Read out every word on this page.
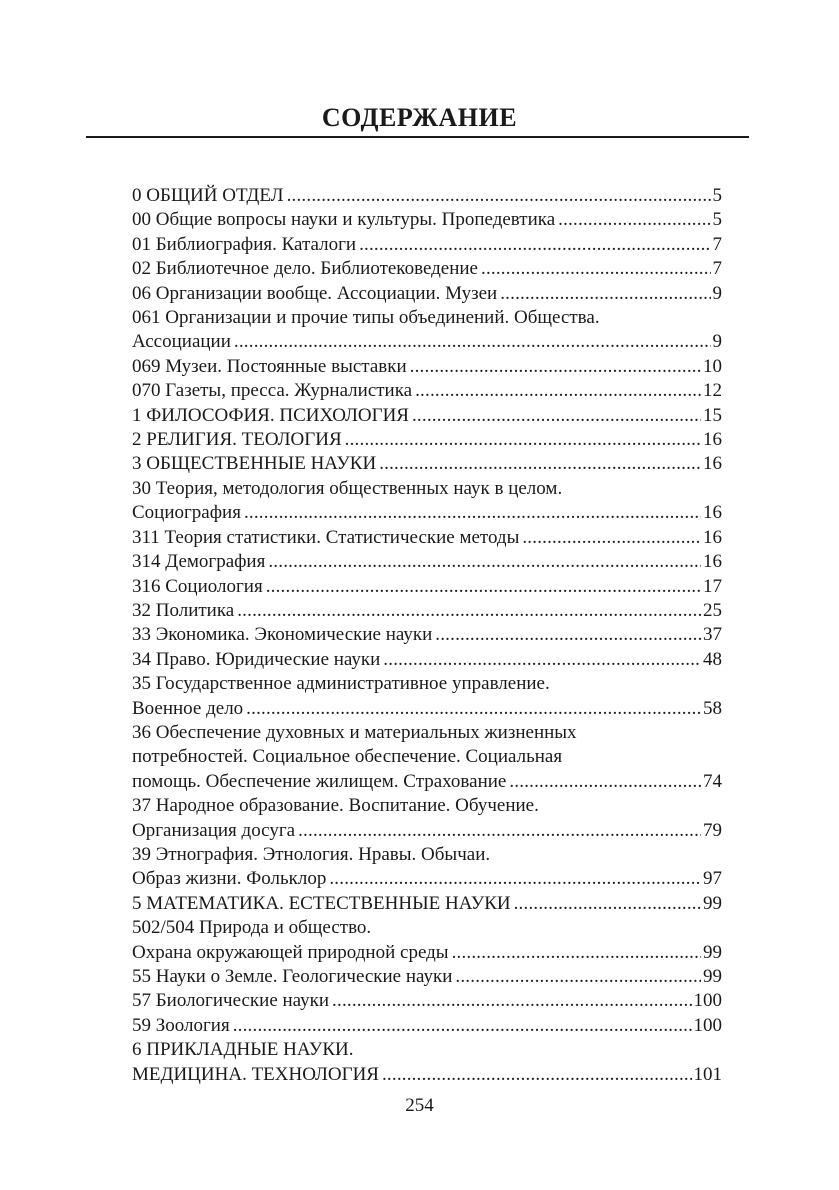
СОДЕРЖАНИЕ
0 ОБЩИЙ ОТДЕЛ .....	5
00 Общие вопросы науки и культуры. Пропедевтика .....	5
01 Библиография. Каталоги .....	7
02 Библиотечное дело. Библиотековедение .....	7
06 Организации вообще. Ассоциации. Музеи .....	9
061 Организации и прочие типы объединений. Общества.
Ассоциации .....	9
069 Музеи. Постоянные выставки .....	10
070 Газеты, пресса. Журналистика .....	12
1 ФИЛОСОФИЯ. ПСИХОЛОГИЯ .....	15
2 РЕЛИГИЯ. ТЕОЛОГИЯ .....	16
3 ОБЩЕСТВЕННЫЕ НАУКИ .....	16
30 Теория, методология общественных наук в целом.
Социография .....	16
311 Теория статистики. Статистические методы .....	16
314 Демография .....	16
316 Социология .....	17
32 Политика .....	25
33 Экономика. Экономические науки .....	37
34 Право. Юридические науки .....	48
35 Государственное административное управление.
Военное дело .....	58
36 Обеспечение духовных и материальных жизненных
потребностей. Социальное обеспечение. Социальная
помощь. Обеспечение жилищем. Страхование .....	74
37 Народное образование. Воспитание. Обучение.
Организация досуга .....	79
39 Этнография. Этнология. Нравы. Обычаи.
Образ жизни. Фольклор .....	97
5 МАТЕМАТИКА. ЕСТЕСТВЕННЫЕ НАУКИ .....	99
502/504 Природа и общество.
Охрана окружающей природной среды .....	99
55 Науки о Земле. Геологические науки .....	99
57 Биологические науки .....	100
59 Зоология .....	100
6 ПРИКЛАДНЫЕ НАУКИ.
МЕДИЦИНА. ТЕХНОЛОГИЯ .....	101
254
